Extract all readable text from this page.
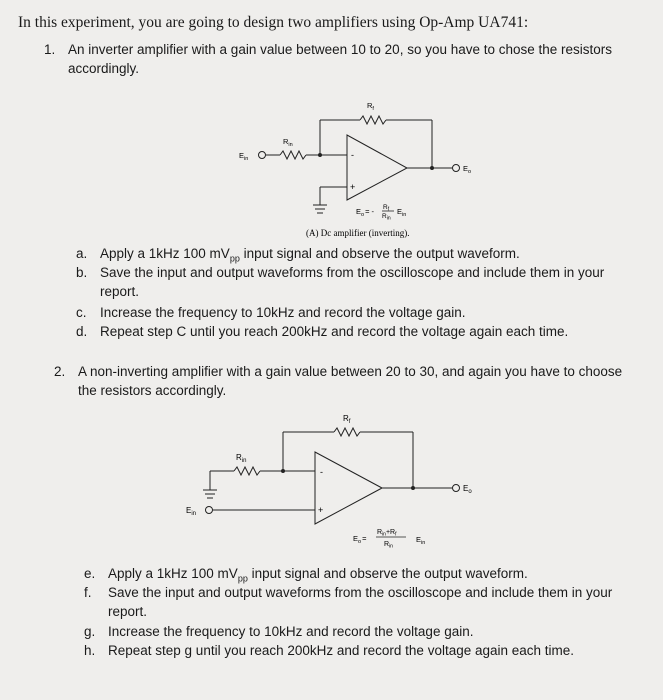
In this experiment, you are going to design two amplifiers using Op-Amp UA741:
1. An inverter amplifier with a gain value between 10 to 20, so you have to chose the resistors accordingly.
$R_f$
$R_{in}$
$E_{in}$
$E_o$
-
+
$E_o= - R_f$
$R_{in}$
$E_{in}$
(A) Dc amplifier (inverting).
$R_f$
$R_{in}$
$E_{in}$
$E_o$
-
+
$E_o=$
$R_{in}+R_f$
$R_{in}$
$E_{in}$
a. Apply a 1kHz 100 $mV_{pp}$ input signal and observe the output waveform.
b. Save the input and output waveforms from the oscilloscope and include them in your report.
c. Increase the frequency to 10kHz and record the voltage gain.
d. Repeat step C until you reach 200kHz and record the voltage again each time.
2. A non-inverting amplifier with a gain value between 20 to 30, and again you have to choose the resistors accordingly.
e. Apply a 1kHz 100 $mV_{pp}$ input signal and observe the output waveform.
f. Save the input and output waveforms from the oscilloscope and include them in your report.
g. Increase the frequency to 10kHz and record the voltage gain.
h. Repeat step g until you reach 200kHz and record the voltage again each time.
